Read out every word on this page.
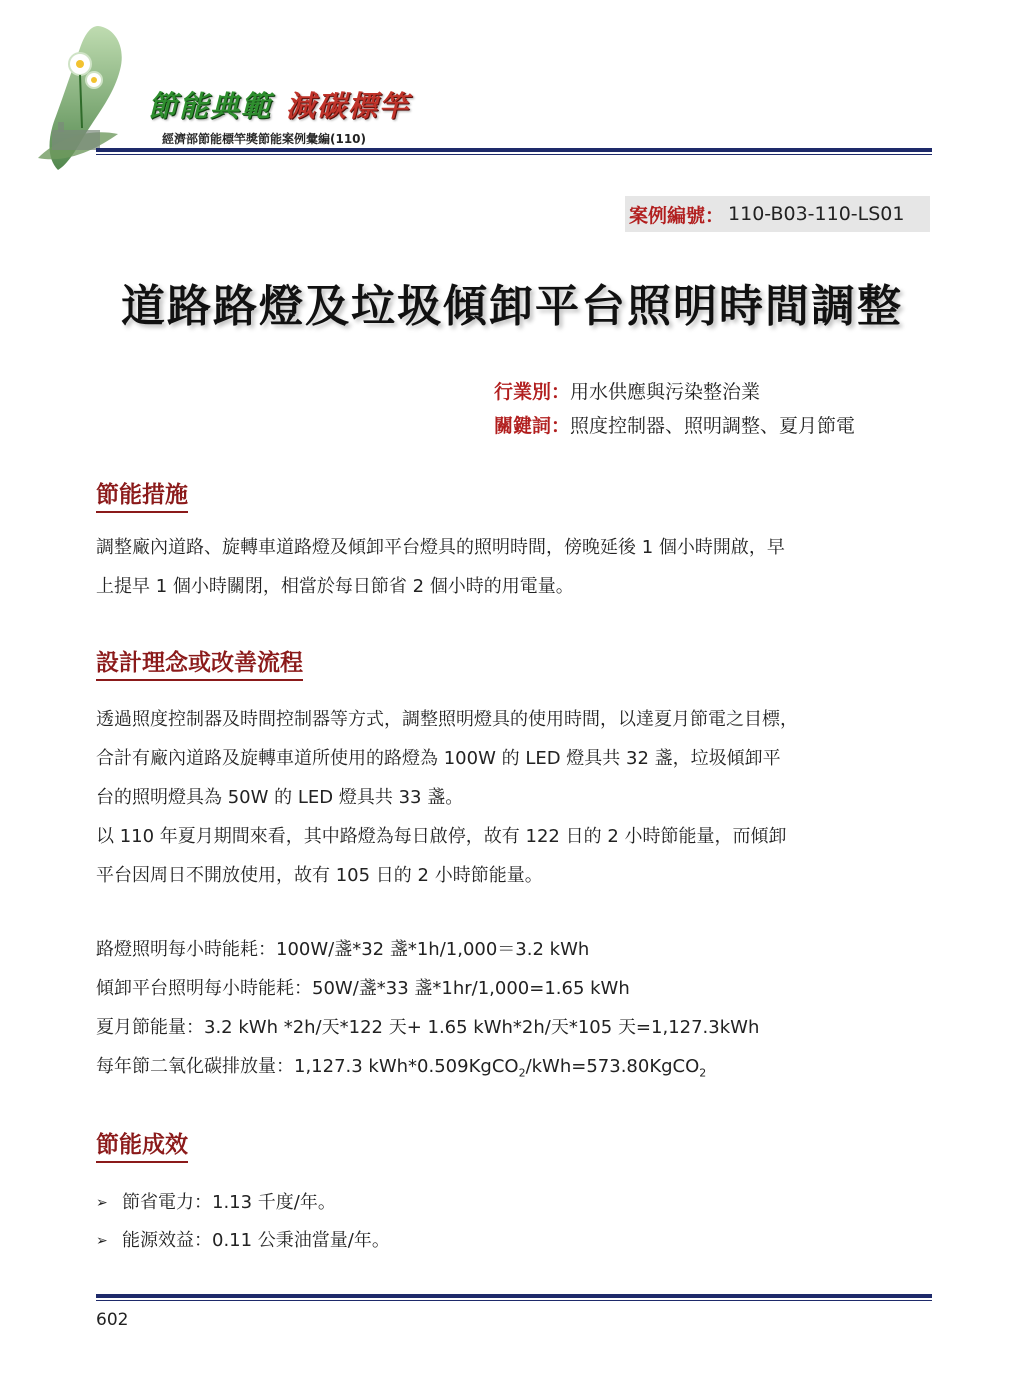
節能典範 減碳標竿
經濟部節能標竿獎節能案例彙編(110)
案例編號： 110-B03-110-LS01
道路路燈及垃圾傾卸平台照明時間調整
行業別：用水供應與污染整治業
關鍵詞：照度控制器、照明調整、夏月節電
節能措施
調整廠內道路、旋轉車道路燈及傾卸平台燈具的照明時間，傍晚延後 1 個小時開啟，早
上提早 1 個小時關閉，相當於每日節省 2 個小時的用電量。
設計理念或改善流程
透過照度控制器及時間控制器等方式，調整照明燈具的使用時間，以達夏月節電之目標，
合計有廠內道路及旋轉車道所使用的路燈為 100W 的 LED 燈具共 32 盞，垃圾傾卸平
台的照明燈具為 50W 的 LED 燈具共 33 盞。
以 110 年夏月期間來看，其中路燈為每日啟停，故有 122 日的 2 小時節能量，而傾卸
平台因周日不開放使用，故有 105 日的 2 小時節能量。
路燈照明每小時能耗：100W/盞*32 盞*1h/1,000＝3.2 kWh
傾卸平台照明每小時能耗：50W/盞*33 盞*1hr/1,000=1.65 kWh
夏月節能量：3.2 kWh *2h/天*122 天+ 1.65 kWh*2h/天*105 天=1,127.3kWh
每年節二氧化碳排放量：1,127.3 kWh*0.509KgCO$_2$/kWh=573.80KgCO$_2$
節能成效
➢ 節省電力：1.13 千度/年。
➢ 能源效益：0.11 公秉油當量/年。
602
